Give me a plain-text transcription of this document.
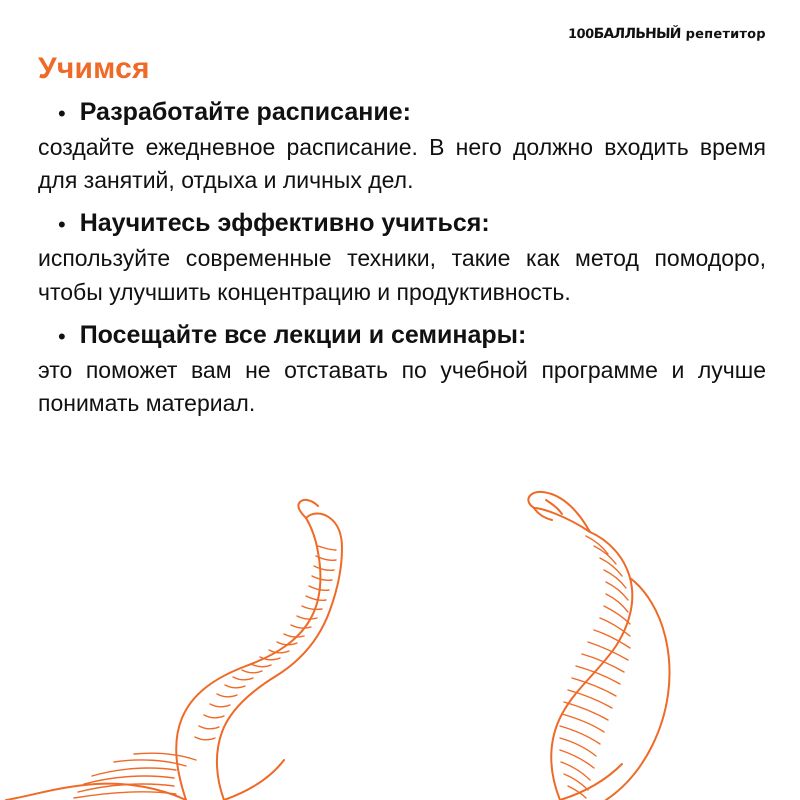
100 БАЛЛЬНЫЙ репетитор
Учимся
• Разработайте расписание:

создайте ежедневное расписание. В него должно входить время для занятий, отдыха и личных дел.

• Научитесь эффективно учиться:

используйте современные техники, такие как метод помодоро, чтобы улучшить концентрацию и продуктивность.

• Посещайте все лекции и семинары:

это поможет вам не отставать по учебной программе и лучше понимать материал.
